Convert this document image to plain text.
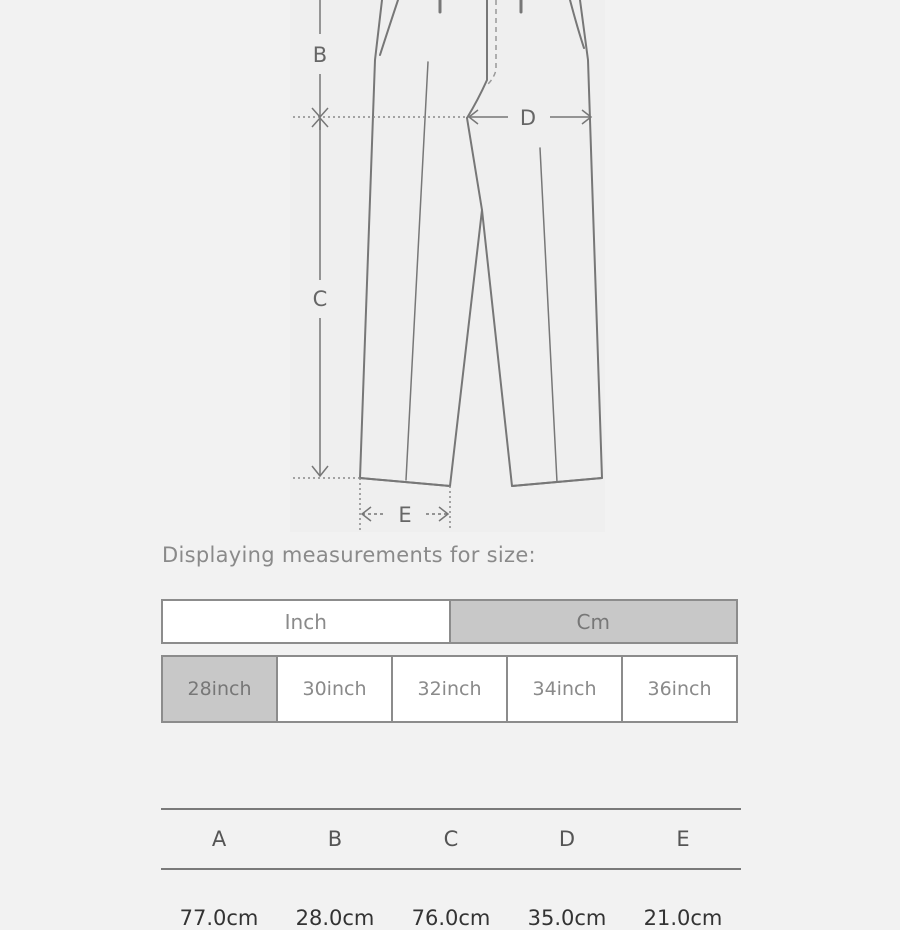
B
C
D
E
Displaying measurements for size:
Inch	Cm
28inch	30inch	32inch	34inch	36inch
A	B	C	D	E
77.0cm	28.0cm	76.0cm	35.0cm	21.0cm
